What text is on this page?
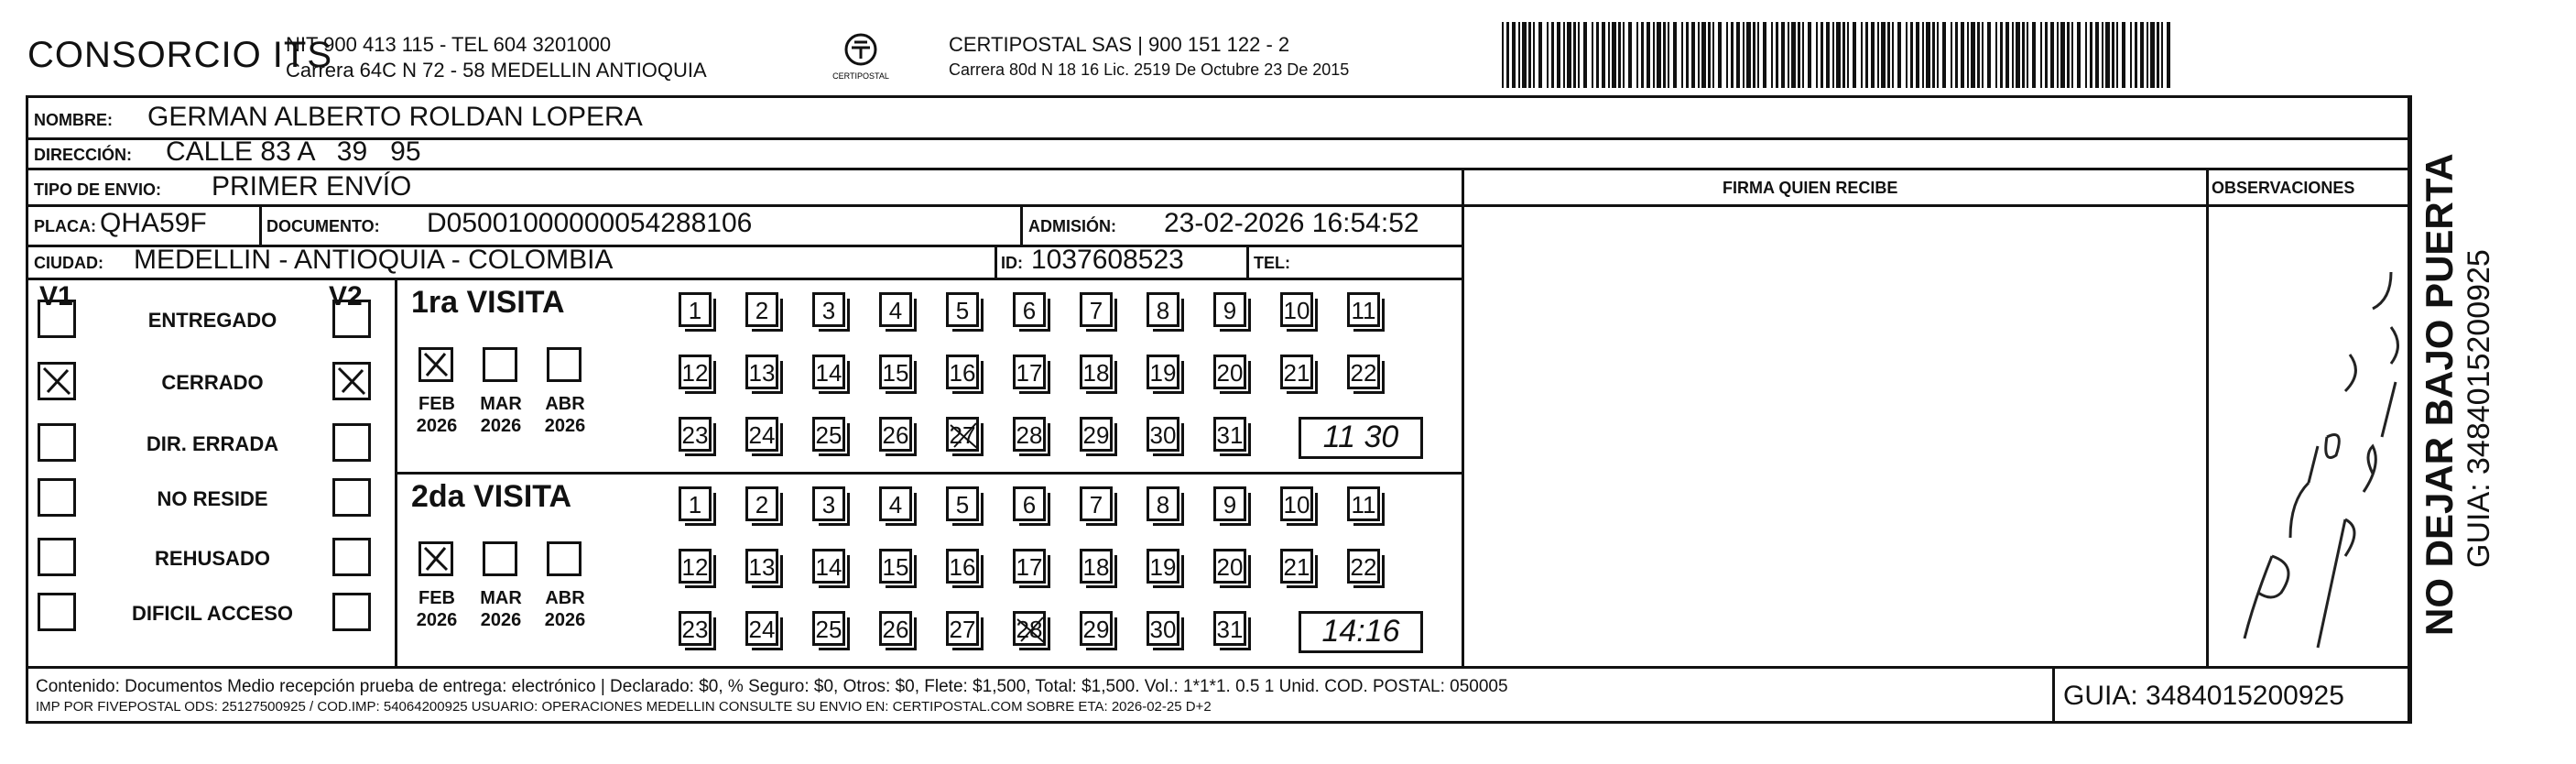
CONSORCIO ITS
NIT 900 413 115 - TEL 604 3201000
Carrera 64C N 72 - 58 MEDELLIN ANTIOQUIA	CERTIPOSTAL
CERTIPOSTAL SAS | 900 151 122 - 2
Carrera 80d N 18 16 Lic. 2519 De Octubre 23 De 2015
NOMBRE: GERMAN ALBERTO ROLDAN LOPERA
DIRECCIÓN: CALLE 83 A   39   95
TIPO DE ENVIO: PRIMER ENVÍO	FIRMA QUIEN RECIBE	OBSERVACIONES
PLACA: QHA59F	DOCUMENTO: D05001000000054288106	ADMISIÓN: 23-02-2026 16:54:52
CIUDAD: MEDELLIN - ANTIOQUIA - COLOMBIA	ID: 1037608523	TEL:
V1	V2
ENTREGADO
CERRADO
DIR. ERRADA
NO RESIDE
REHUSADO
DIFICIL ACCESO
1ra VISITA
FEB
2026
MAR
2026
ABR
2026
1	2	3	4	5	6	7	8	9	10 11
12 13 14 15 16 17 18 19 20 21 22
23 24 25 26 27 28 29 30 31	11 30
2da VISITA
FEB
2026
MAR
2026
ABR
2026
1	2	3	4	5	6	7	8	9	10 11
12 13 14 15 16 17 18 19 20 21 22
23 24 25 26 27 28 29 30 31	14:16
Contenido: Documentos Medio recepción prueba de entrega: electrónico | Declarado: $0, % Seguro: $0, Otros: $0, Flete: $1,500, Total: $1,500. Vol.: 1*1*1. 0.5 1 Unid. COD. POSTAL: 050005
IMP POR FIVEPOSTAL ODS: 25127500925 / COD.IMP: 54064200925 USUARIO: OPERACIONES MEDELLIN CONSULTE SU ENVIO EN: CERTIPOSTAL.COM SOBRE ETA: 2026-02-25 D+2	GUIA: 3484015200925
NO DEJAR BAJO PUERTA GUIA: 3484015200925
